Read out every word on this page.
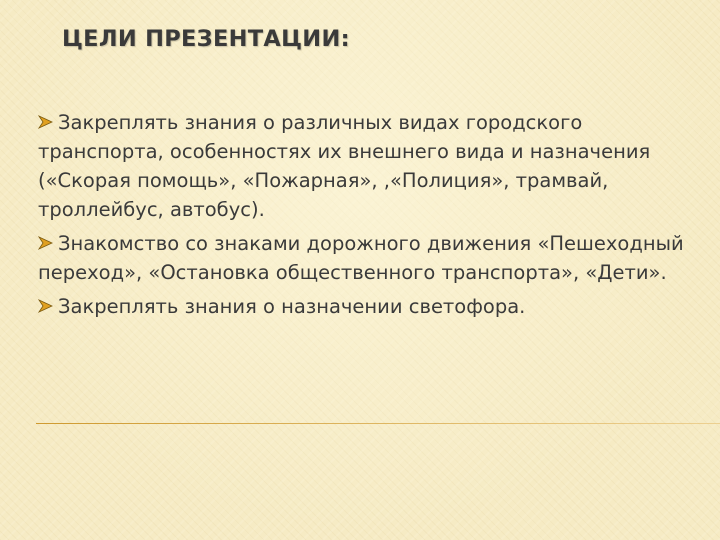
ЦЕЛИ ПРЕЗЕНТАЦИИ:
Закреплять знания о различных видах городского транспорта, особенностях их внешнего вида и назначения («Скорая помощь», «Пожарная», ,«Полиция», трамвай, троллейбус, автобус).
Знакомство со знаками дорожного движения «Пешеходный переход», «Остановка общественного транспорта», «Дети».
Закреплять знания о назначении светофора.
